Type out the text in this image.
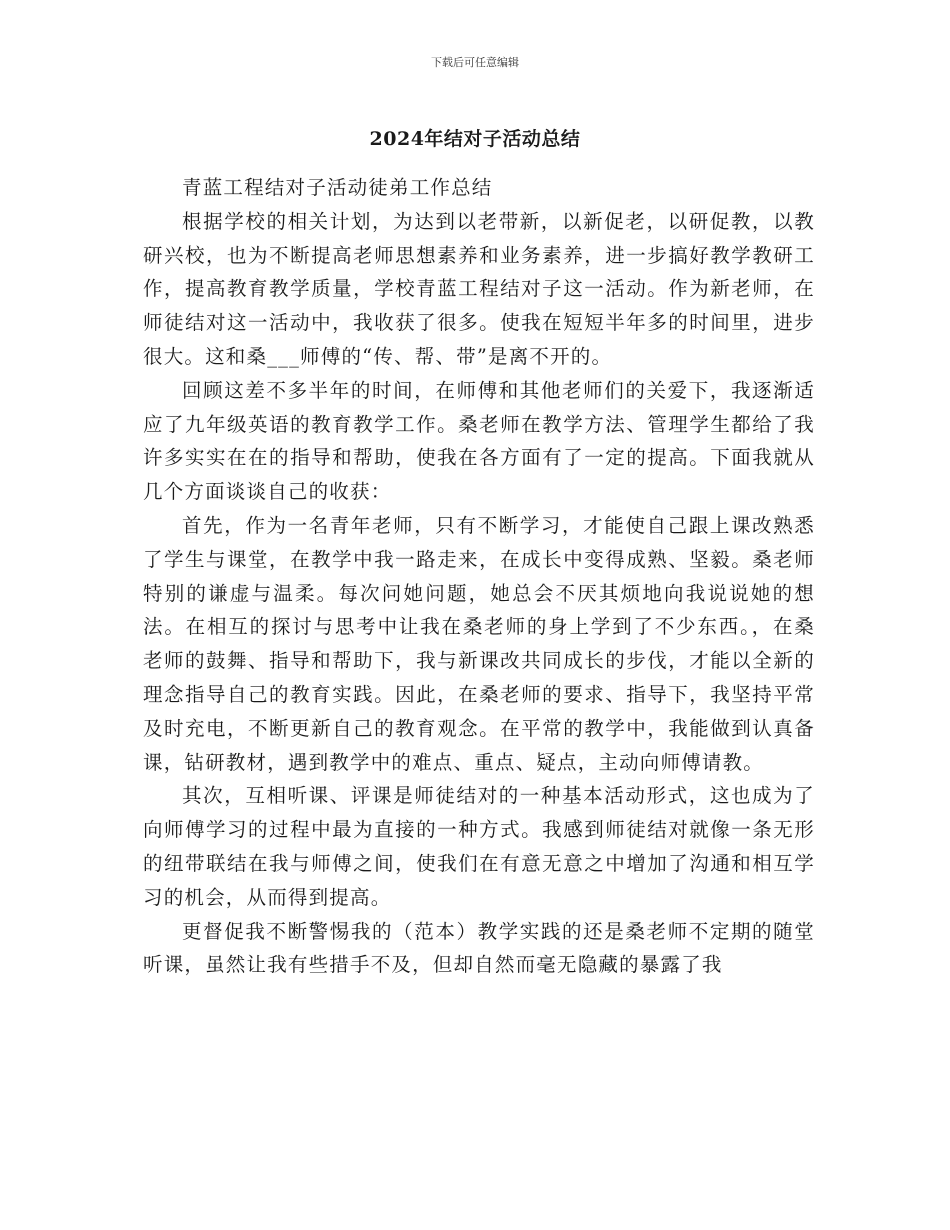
下载后可任意编辑
2024年结对子活动总结

青蓝工程结对子活动徒弟工作总结

根据学校的相关计划，为达到以老带新，以新促老，以研促教，以教研兴校，也为不断提高老师思想素养和业务素养，进一步搞好教学教研工作，提高教育教学质量，学校青蓝工程结对子这一活动。作为新老师，在师徒结对这一活动中，我收获了很多。使我在短短半年多的时间里，进步很大。这和桑___师傅的“传、帮、带”是离不开的。

回顾这差不多半年的时间，在师傅和其他老师们的关爱下，我逐渐适应了九年级英语的教育教学工作。桑老师在教学方法、管理学生都给了我许多实实在在的指导和帮助，使我在各方面有了一定的提高。下面我就从几个方面谈谈自己的收获：

首先，作为一名青年老师，只有不断学习，才能使自己跟上课改熟悉了学生与课堂，在教学中我一路走来，在成长中变得成熟、坚毅。桑老师特别的谦虚与温柔。每次问她问题，她总会不厌其烦地向我说说她的想法。在相互的探讨与思考中让我在桑老师的身上学到了不少东西。，在桑老师的鼓舞、指导和帮助下，我与新课改共同成长的步伐，才能以全新的理念指导自己的教育实践。因此，在桑老师的要求、指导下，我坚持平常及时充电，不断更新自己的教育观念。在平常的教学中，我能做到认真备课，钻研教材，遇到教学中的难点、重点、疑点，主动向师傅请教。

其次，互相听课、评课是师徒结对的一种基本活动形式，这也成为了向师傅学习的过程中最为直接的一种方式。我感到师徒结对就像一条无形的纽带联结在我与师傅之间，使我们在有意无意之中增加了沟通和相互学习的机会，从而得到提高。

更督促我不断警惕我的（范本）教学实践的还是桑老师不定期的随堂听课，虽然让我有些措手不及，但却自然而毫无隐藏的暴露了我
